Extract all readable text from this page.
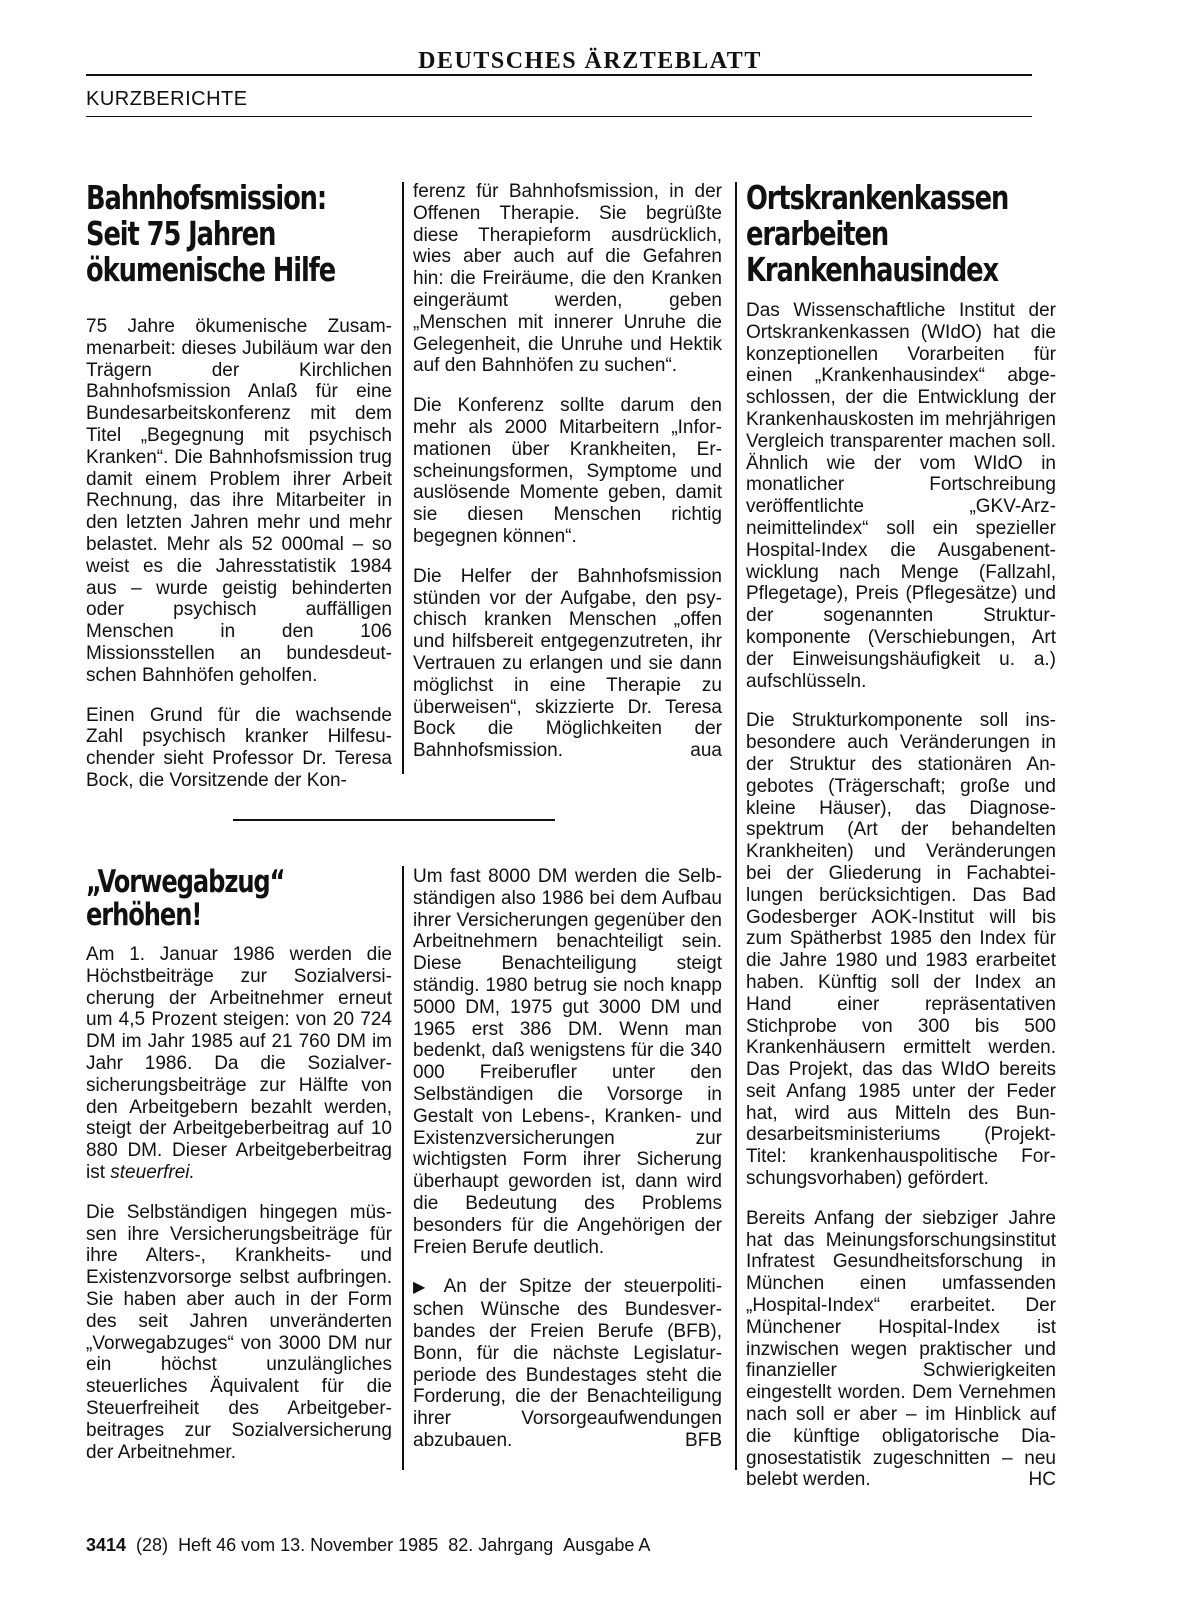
DEUTSCHES ÄRZTEBLATT
KURZBERICHTE
Bahnhofsmission:
Seit 75 Jahren
ökumenische Hilfe

75 Jahre ökumenische Zusammenarbeit: dieses Jubiläum war den Trägern der Kirchlichen Bahnhofsmission Anlaß für eine Bundesarbeitskonferenz mit dem Titel „Begegnung mit psychisch Kranken“. Die Bahnhofsmission trug damit einem Problem ihrer Arbeit Rechnung, das ihre Mitarbeiter in den letzten Jahren mehr und mehr belastet. Mehr als 52 000mal – so weist es die Jahresstatistik 1984 aus – wurde geistig behinderten oder psychisch auffälligen Menschen in den 106 Missionsstellen an bundesdeutschen Bahnhöfen geholfen.

Einen Grund für die wachsende Zahl psychisch kranker Hilfesuchender sieht Professor Dr. Teresa Bock, die Vorsitzende der Kon-

ferenz für Bahnhofsmission, in der Offenen Therapie. Sie begrüßte diese Therapieform ausdrücklich, wies aber auch auf die Gefahren hin: die Freiräume, die den Kranken eingeräumt werden, geben „Menschen mit innerer Unruhe die Gelegenheit, die Unruhe und Hektik auf den Bahnhöfen zu suchen“.

Die Konferenz sollte darum den mehr als 2000 Mitarbeitern „Informationen über Krankheiten, Erscheinungsformen, Symptome und auslösende Momente geben, damit sie diesen Menschen richtig begegnen können“.

Die Helfer der Bahnhofsmission stünden vor der Aufgabe, den psychisch kranken Menschen „offen und hilfsbereit entgegenzutreten, ihr Vertrauen zu erlangen und sie dann möglichst in eine Therapie zu überweisen“, skizzierte Dr. Teresa Bock die Möglichkeiten der Bahnhofsmission.	aua

Ortskrankenkassen
erarbeiten
Krankenhausindex

Das Wissenschaftliche Institut der Ortskrankenkassen (WIdO) hat die konzeptionellen Vorarbeiten für einen „Krankenhausindex“ abgeschlossen, der die Entwicklung der Krankenhauskosten im mehrjährigen Vergleich transparenter machen soll. Ähnlich wie der vom WIdO in monatlicher Fortschreibung veröffentlichte „GKV-Arzneimittelindex“ soll ein spezieller Hospital-Index die Ausgabenentwicklung nach Menge (Fallzahl, Pflegetage), Preis (Pflegesätze) und der sogenannten Strukturkomponente (Verschiebungen, Art der Einweisungshäufigkeit u. a.) aufschlüsseln.

Die Strukturkomponente soll insbesondere auch Veränderungen in der Struktur des stationären Angebotes (Trägerschaft; große und kleine Häuser), das Diagnosespektrum (Art der behandelten Krankheiten) und Veränderungen bei der Gliederung in Fachabteilungen berücksichtigen. Das Bad Godesberger AOK-Institut will bis zum Spätherbst 1985 den Index für die Jahre 1980 und 1983 erarbeitet haben. Künftig soll der Index an Hand einer repräsentativen Stichprobe von 300 bis 500 Krankenhäusern ermittelt werden. Das Projekt, das das WIdO bereits seit Anfang 1985 unter der Feder hat, wird aus Mitteln des Bundesarbeitsministeriums (Projekt-Titel: krankenhauspolitische Forschungsvorhaben) gefördert.

Bereits Anfang der siebziger Jahre hat das Meinungsforschungsinstitut Infratest Gesundheitsforschung in München einen umfassenden „Hospital-Index“ erarbeitet. Der Münchener Hospital-Index ist inzwischen wegen praktischer und finanzieller Schwierigkeiten eingestellt worden. Dem Vernehmen nach soll er aber – im Hinblick auf die künftige obligatorische Diagnosestatistik zugeschnitten – neu belebt werden.	HC

„Vorwegabzug“
erhöhen!

Am 1. Januar 1986 werden die Höchstbeiträge zur Sozialversicherung der Arbeitnehmer erneut um 4,5 Prozent steigen: von 20 724 DM im Jahr 1985 auf 21 760 DM im Jahr 1986. Da die Sozialversicherungsbeiträge zur Hälfte von den Arbeitgebern bezahlt werden, steigt der Arbeitgeberbeitrag auf 10 880 DM. Dieser Arbeitgeberbeitrag ist steuerfrei.

Die Selbständigen hingegen müssen ihre Versicherungsbeiträge für ihre Alters-, Krankheits- und Existenzvorsorge selbst aufbringen. Sie haben aber auch in der Form des seit Jahren unveränderten „Vorwegabzuges“ von 3000 DM nur ein höchst unzulängliches steuerliches Äquivalent für die Steuerfreiheit des Arbeitgeberbeitrages zur Sozialversicherung der Arbeitnehmer.

Um fast 8000 DM werden die Selbständigen also 1986 bei dem Aufbau ihrer Versicherungen gegenüber den Arbeitnehmern benachteiligt sein. Diese Benachteiligung steigt ständig. 1980 betrug sie noch knapp 5000 DM, 1975 gut 3000 DM und 1965 erst 386 DM. Wenn man bedenkt, daß wenigstens für die 340 000 Freiberufler unter den Selbständigen die Vorsorge in Gestalt von Lebens-, Kranken- und Existenzversicherungen zur wichtigsten Form ihrer Sicherung überhaupt geworden ist, dann wird die Bedeutung des Problems besonders für die Angehörigen der Freien Berufe deutlich.

▶ An der Spitze der steuerpolitischen Wünsche des Bundesverbandes der Freien Berufe (BFB), Bonn, für die nächste Legislaturperiode des Bundestages steht die Forderung, die der Benachteiligung ihrer Vorsorgeaufwendungen abzubauen.	BFB

3414 (28) Heft 46 vom 13. November 1985 82. Jahrgang Ausgabe A
